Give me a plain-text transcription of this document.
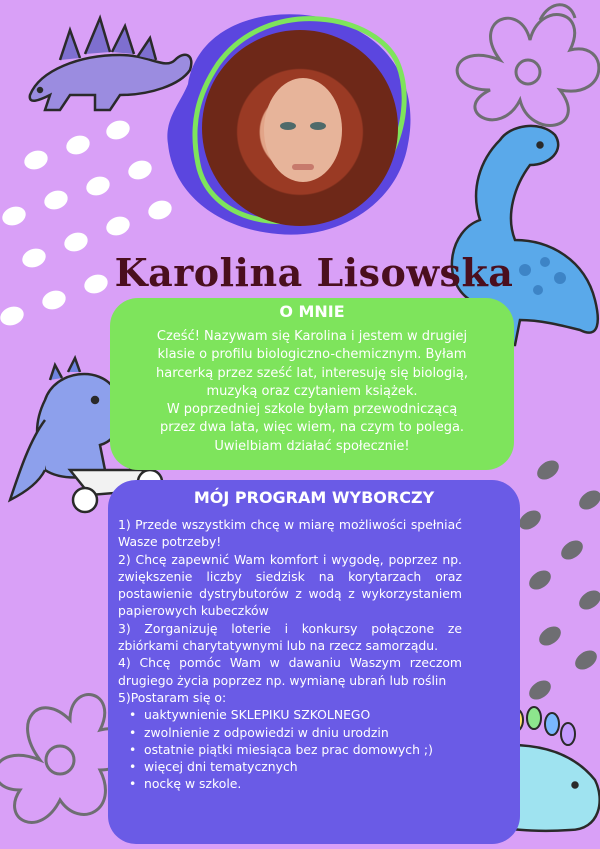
Karolina Lisowska
O MNIE
Cześć! Nazywam się Karolina i jestem w drugiej
klasie o profilu biologiczno-chemicznym. Byłam
harcerką przez sześć lat, interesuję się biologią,
muzyką oraz czytaniem książek.
W poprzedniej szkole byłam przewodniczącą
przez dwa lata, więc wiem, na czym to polega.
Uwielbiam działać społecznie!
MÓJ PROGRAM WYBORCZY

1) Przede wszystkim chcę w miarę możliwości spełniać Wasze potrzeby!

2) Chcę zapewnić Wam komfort i wygodę, poprzez np. zwiększenie liczby siedzisk na korytarzach oraz postawienie dystrybutorów z wodą z wykorzystaniem papierowych kubeczków

3) Zorganizuję loterie i konkursy połączone ze zbiórkami charytatywnymi lub na rzecz samorządu.

4) Chcę pomóc Wam w dawaniu Waszym rzeczom drugiego życia poprzez np. wymianę ubrań lub roślin

5)Postaram się o:

• uaktywnienie SKLEPIKU SZKOLNEGO
• zwolnienie z odpowiedzi w dniu urodzin
• ostatnie piątki miesiąca bez prac domowych ;)
• więcej dni tematycznych
• nockę w szkole.
